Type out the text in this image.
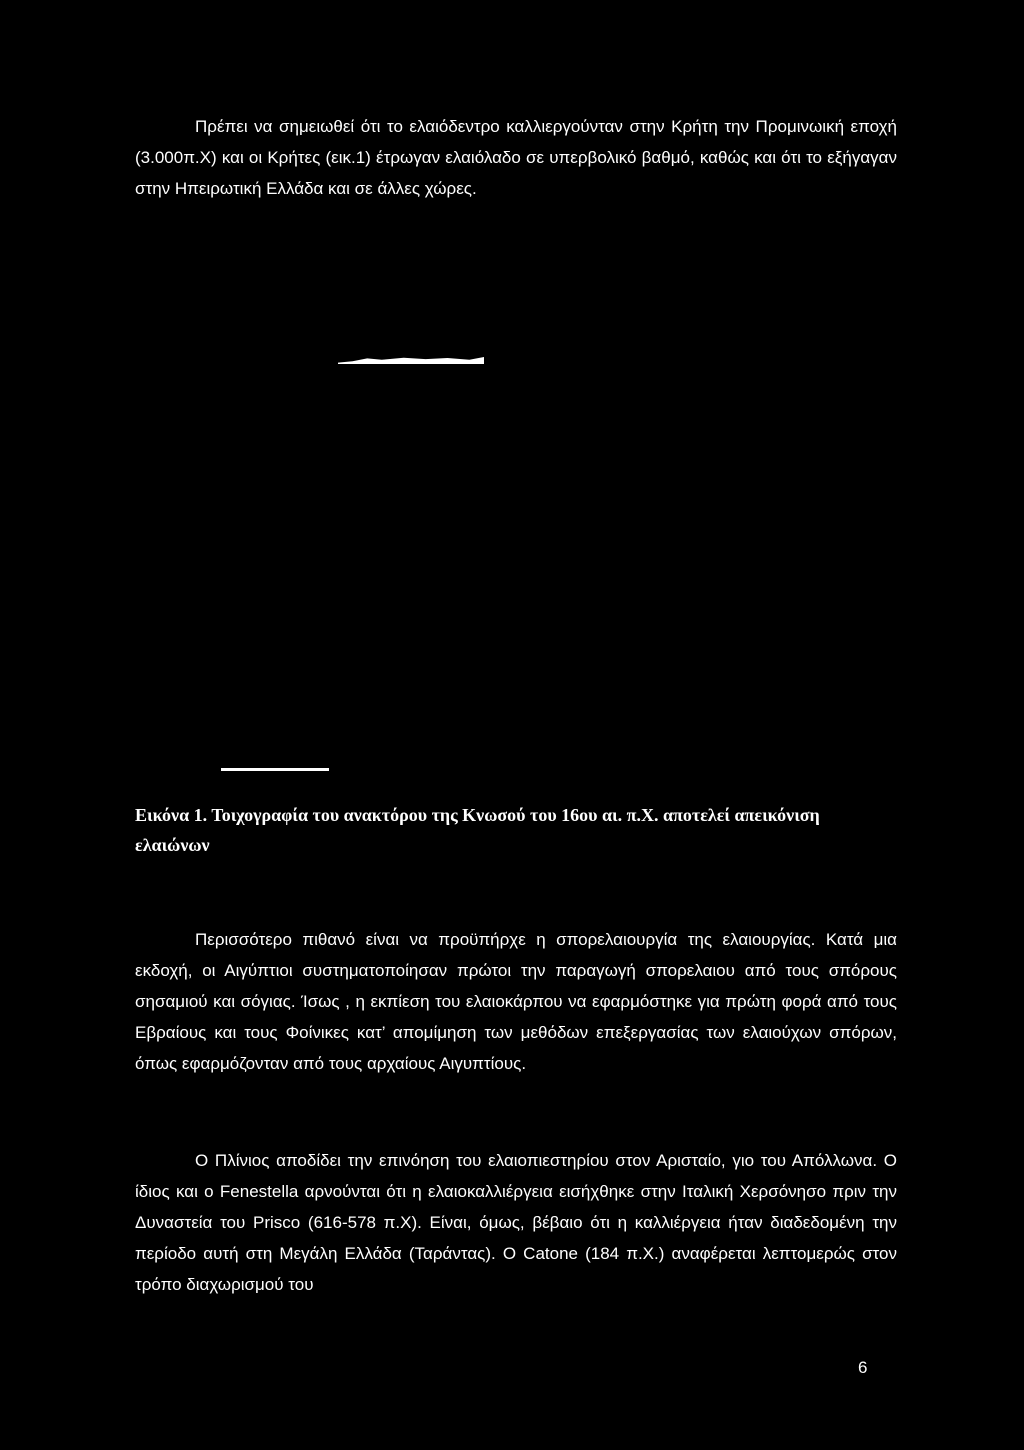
Πρέπει να σημειωθεί ότι το ελαιόδεντρο καλλιεργούνταν στην Κρήτη την Προμινωική εποχή (3.000π.Χ) και οι Κρήτες (εικ.1) έτρωγαν ελαιόλαδο σε υπερβολικό βαθμό, καθώς και ότι το εξήγαγαν στην Ηπειρωτική Ελλάδα και σε άλλες χώρες.

Εικόνα 1. Τοιχογραφία του ανακτόρου της Κνωσού του 16ου αι. π.Χ. αποτελεί απεικόνιση ελαιώνων

Περισσότερο πιθανό είναι να προϋπήρχε η σπορελαιουργία της ελαιουργίας. Κατά μια εκδοχή, οι Αιγύπτιοι συστηματοποίησαν πρώτοι την παραγωγή σπορελαιου από τους σπόρους σησαμιού και σόγιας. Ίσως , η εκπίεση του ελαιοκάρπου να εφαρμόστηκε για πρώτη φορά από τους Εβραίους και τους Φοίνικες κατ’ απομίμηση των μεθόδων επεξεργασίας των ελαιούχων σπόρων, όπως εφαρμόζονταν από τους αρχαίους Αιγυπτίους.

Ο Πλίνιος αποδίδει την επινόηση του ελαιοπιεστηρίου στον Αρισταίο, γιο του Απόλλωνα. Ο ίδιος και ο Fenestella αρνούνται ότι η ελαιοκαλλιέργεια εισήχθηκε στην Ιταλική Χερσόνησο πριν την Δυναστεία του Prisco (616-578 π.Χ). Είναι, όμως, βέβαιο ότι η καλλιέργεια ήταν διαδεδομένη την περίοδο αυτή στη Μεγάλη Ελλάδα (Ταράντας). Ο Catone (184 π.Χ.) αναφέρεται λεπτομερώς στον τρόπο διαχωρισμού του

6
